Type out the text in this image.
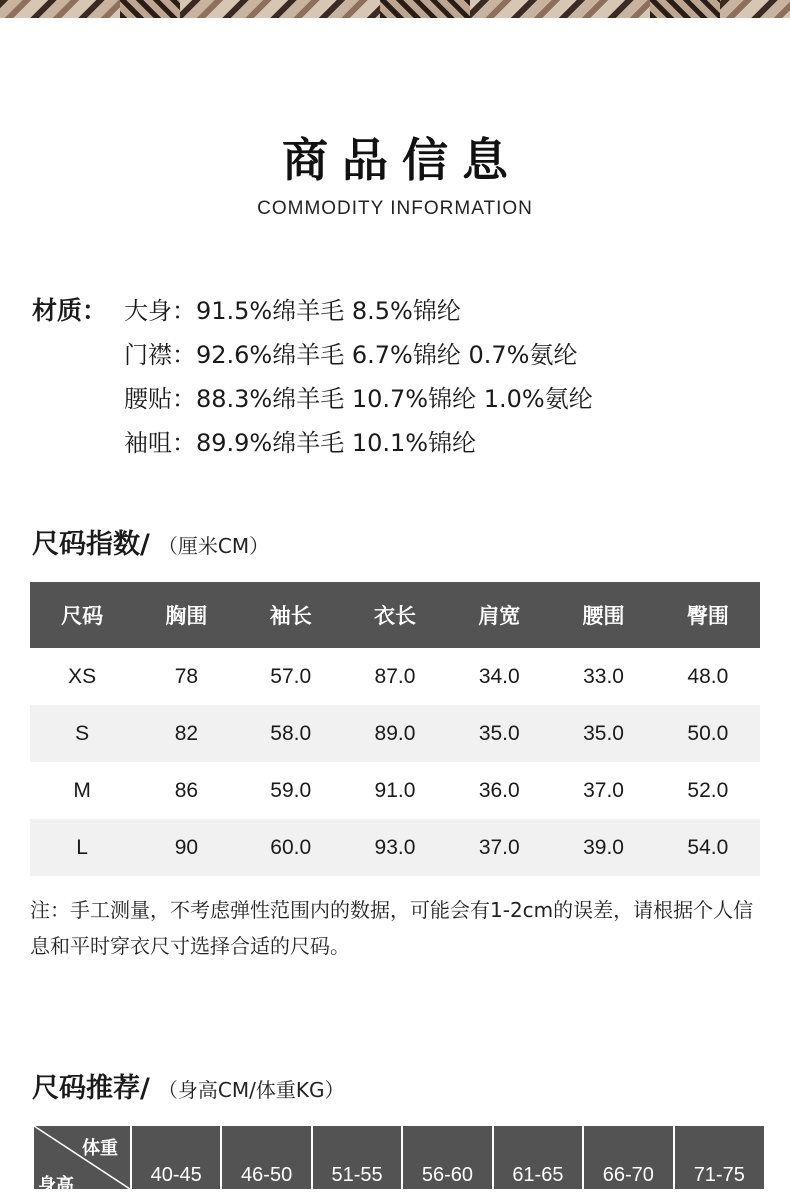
商品信息
COMMODITY INFORMATION
材质： 大身：91.5%绵羊毛 8.5%锦纶
门襟：92.6%绵羊毛 6.7%锦纶 0.7%氨纶
腰贴：88.3%绵羊毛 10.7%锦纶 1.0%氨纶
袖咀：89.9%绵羊毛 10.1%锦纶
尺码指数/ （厘米CM）
尺码	胸围	袖长	衣长	肩宽	腰围	臀围
XS	78	57.0	87.0	34.0	33.0	48.0
S	82	58.0	89.0	35.0	35.0	50.0
M	86	59.0	91.0	36.0	37.0	52.0
L	90	60.0	93.0	37.0	39.0	54.0
注：手工测量，不考虑弹性范围内的数据，可能会有1-2cm的误差，请根据个人信息和平时穿衣尺寸选择合适的尺码。
尺码推荐/ （身高CM/体重KG）
体重
身高	40-45	46-50	51-55	56-60	61-65	66-70	71-75
